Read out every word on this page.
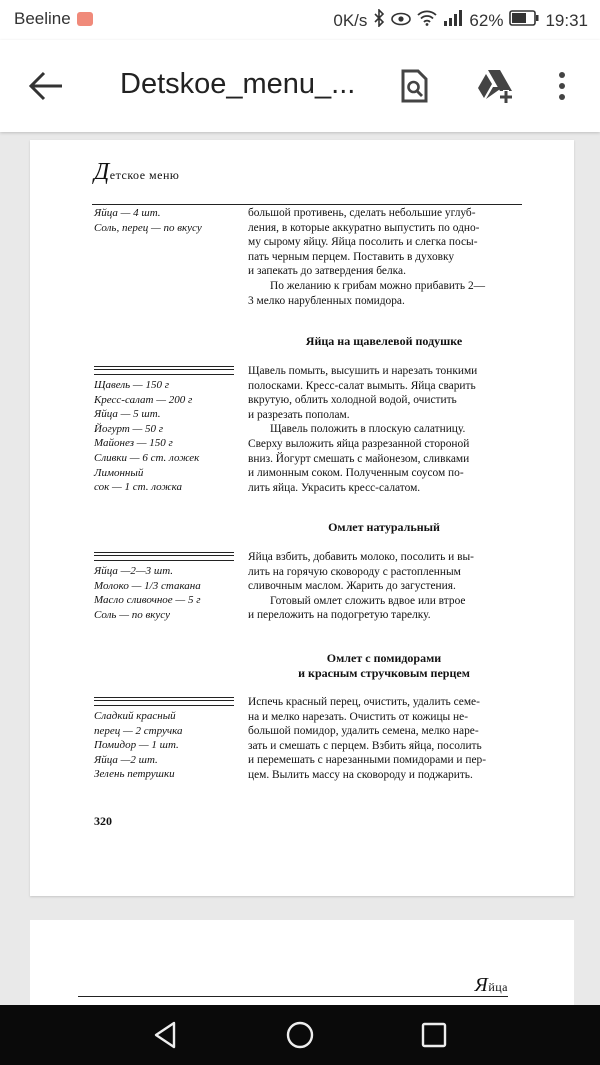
Beeline	0K/s	62% 19:31
Detskoe_menu_...
Детское меню
Яйца — 4 шт.
Соль, перец — по вкусу

большой противень, сделать небольшие углуб-

ления, в которые аккуратно выпустить по одно-

му сырому яйцу. Яйца посолить и слегка посы-

пать черным перцем. Поставить в духовку

и запекать до затвердения белка.

По желанию к грибам можно прибавить 2—

3 мелко нарубленных помидора.

Яйца на щавелевой подушке
Щавель — 150 г
Кресс-салат — 200 г
Яйца — 5 шт.
Йогурт — 50 г
Майонез — 150 г
Сливки — 6 ст. ложек
Лимонный
сок — 1 ст. ложка

Щавель помыть, высушить и нарезать тонкими

полосками. Кресс-салат вымыть. Яйца сварить

вкрутую, облить холодной водой, очистить

и разрезать пополам.

Щавель положить в плоскую салатницу.

Сверху выложить яйца разрезанной стороной

вниз. Йогурт смешать с майонезом, сливками

и лимонным соком. Полученным соусом по-

лить яйца. Украсить кресс-салатом.

Омлет натуральный
Яйца —2—3 шт.
Молоко — 1/3 стакана
Масло сливочное — 5 г
Соль — по вкусу

Яйца взбить, добавить молоко, посолить и вы-

лить на горячую сковороду с растопленным

сливочным маслом. Жарить до загустения.

Готовый омлет сложить вдвое или втрое

и переложить на подогретую тарелку.

Омлет с помидорами
и красным стручковым перцем
Сладкий красный
перец — 2 стручка
Помидор — 1 шт.
Яйца —2 шт.
Зелень петрушки

Испечь красный перец, очистить, удалить семе-

на и мелко нарезать. Очистить от кожицы не-

большой помидор, удалить семена, мелко наре-

зать и смешать с перцем. Взбить яйца, посолить

и перемешать с нарезанными помидорами и пер-

цем. Вылить массу на сковороду и поджарить.

320
Яйца
